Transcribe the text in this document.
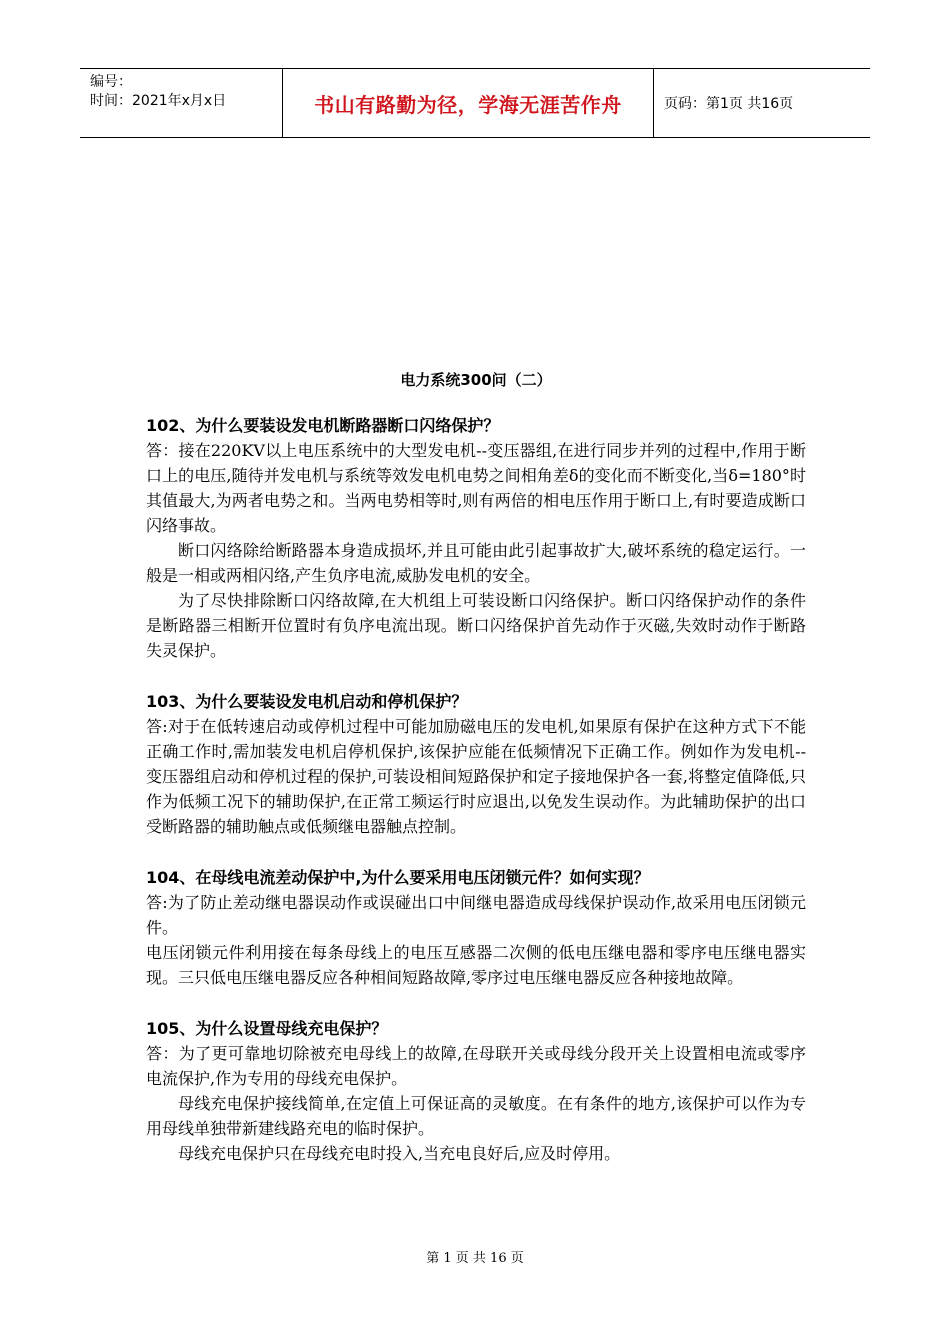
编号：
时间：2021年x月x日	书山有路勤为径，学海无涯苦作舟	页码：第1页 共16页
电力系统300问（二）
102、为什么要装设发电机断路器断口闪络保护？

答：接在220KV以上电压系统中的大型发电机--变压器组,在进行同步并列的过程中,作用于断口上的电压,随待并发电机与系统等效发电机电势之间相角差δ的变化而不断变化,当δ=180°时其值最大,为两者电势之和。当两电势相等时,则有两倍的相电压作用于断口上,有时要造成断口闪络事故。

断口闪络除给断路器本身造成损坏,并且可能由此引起事故扩大,破坏系统的稳定运行。一般是一相或两相闪络,产生负序电流,威胁发电机的安全。

为了尽快排除断口闪络故障,在大机组上可装设断口闪络保护。断口闪络保护动作的条件是断路器三相断开位置时有负序电流出现。断口闪络保护首先动作于灭磁,失效时动作于断路失灵保护。

103、为什么要装设发电机启动和停机保护？

答:对于在低转速启动或停机过程中可能加励磁电压的发电机,如果原有保护在这种方式下不能正确工作时,需加装发电机启停机保护,该保护应能在低频情况下正确工作。例如作为发电机--变压器组启动和停机过程的保护,可装设相间短路保护和定子接地保护各一套,将整定值降低,只作为低频工况下的辅助保护,在正常工频运行时应退出,以免发生误动作。为此辅助保护的出口受断路器的辅助触点或低频继电器触点控制。

104、在母线电流差动保护中,为什么要采用电压闭锁元件？如何实现？

答:为了防止差动继电器误动作或误碰出口中间继电器造成母线保护误动作,故采用电压闭锁元件。

电压闭锁元件利用接在每条母线上的电压互感器二次侧的低电压继电器和零序电压继电器实现。三只低电压继电器反应各种相间短路故障,零序过电压继电器反应各种接地故障。

105、为什么设置母线充电保护？

答：为了更可靠地切除被充电母线上的故障,在母联开关或母线分段开关上设置相电流或零序电流保护,作为专用的母线充电保护。

母线充电保护接线简单,在定值上可保证高的灵敏度。在有条件的地方,该保护可以作为专用母线单独带新建线路充电的临时保护。

母线充电保护只在母线充电时投入,当充电良好后,应及时停用。

第 1 页 共 16 页
